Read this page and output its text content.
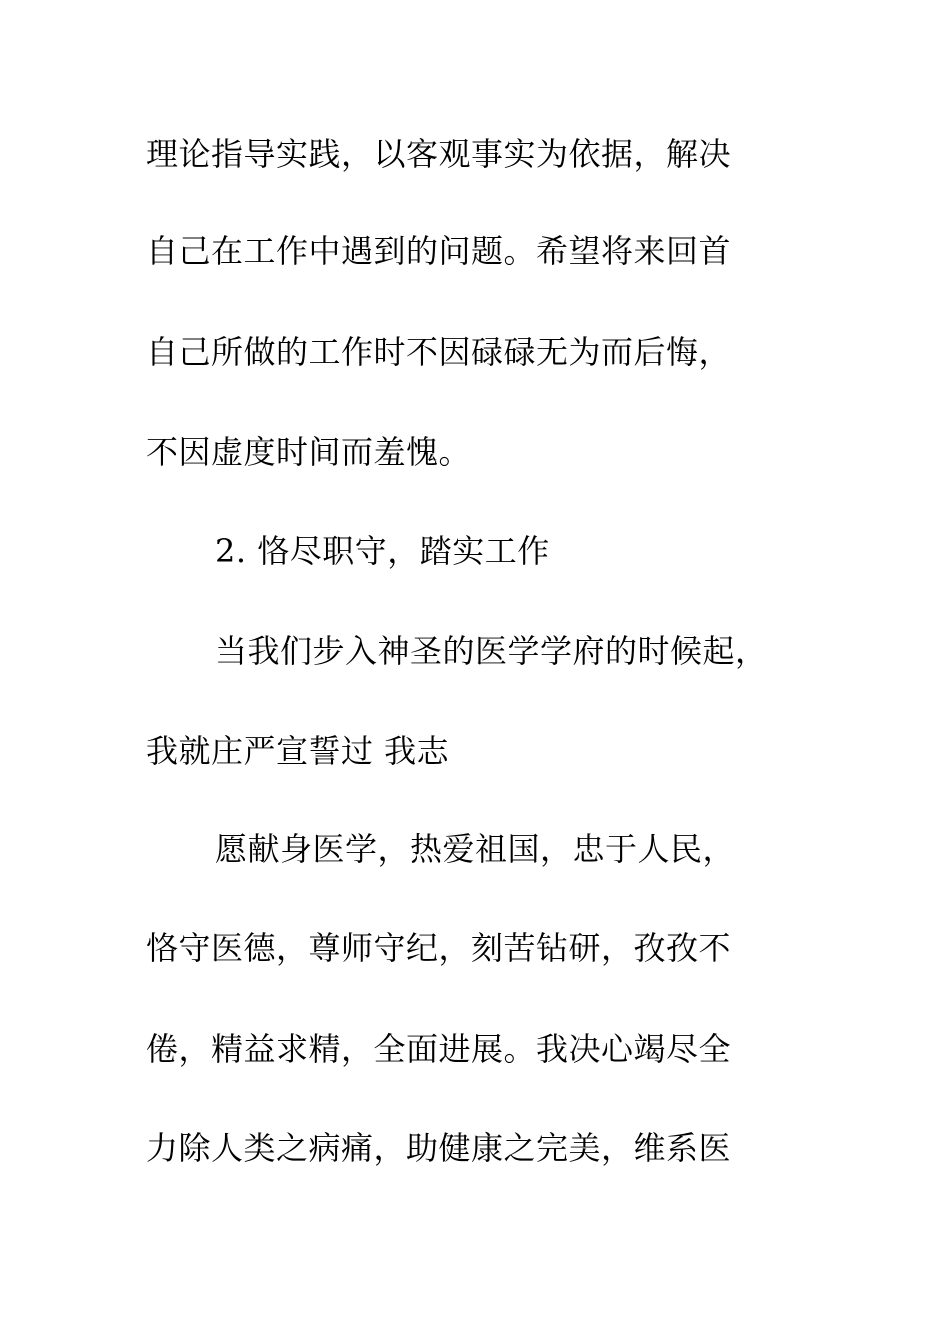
理论指导实践，以客观事实为依据，解决
自己在工作中遇到的问题。希望将来回首
自己所做的工作时不因碌碌无为而后悔，
不因虚度时间而羞愧。
2. 恪尽职守，踏实工作
当我们步入神圣的医学学府的时候起，
我就庄严宣誓过 我志
愿献身医学，热爱祖国，忠于人民，
恪守医德，尊师守纪，刻苦钻研，孜孜不
倦，精益求精，全面进展。我决心竭尽全
力除人类之病痛，助健康之完美，维系医
